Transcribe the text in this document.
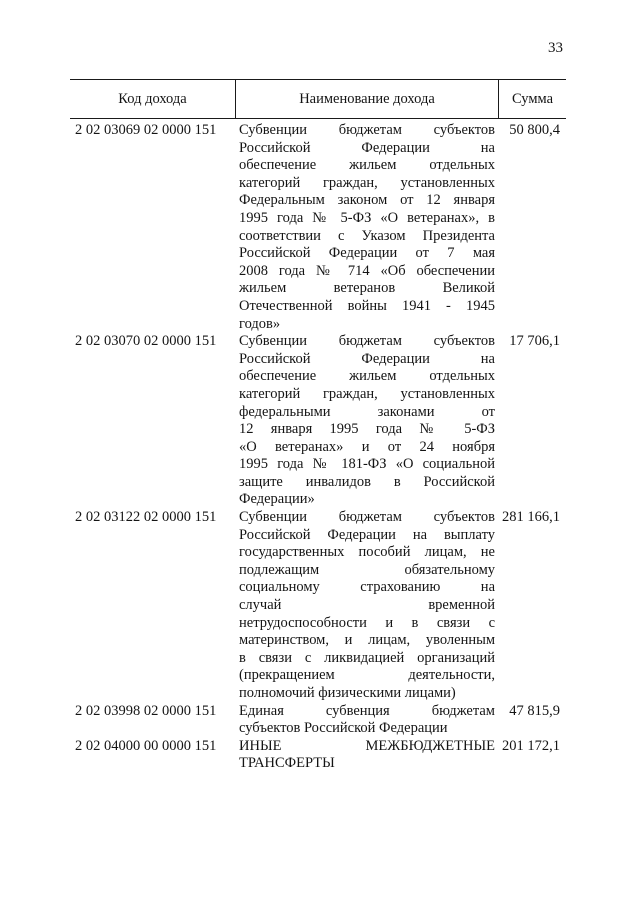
33
Код дохода	Наименование дохода	Сумма
2 02 03069 02 0000 151 Субвенции бюджетам субъектов
Российской Федерации на
обеспечение жильем отдельных
категорий граждан, установленных
Федеральным законом от 12 января
1995 года № 5-ФЗ «О ветеранах», в
соответствии с Указом Президента
Российской Федерации от 7 мая
2008 года № 714 «Об обеспечении
жильем ветеранов Великой
Отечественной войны 1941 - 1945
годов»
50 800,4
2 02 03070 02 0000 151 Субвенции бюджетам субъектов
Российской Федерации на
обеспечение жильем отдельных
категорий граждан, установленных
федеральными законами от
12 января 1995 года № 5-ФЗ
«О ветеранах» и от 24 ноября
1995 года № 181-ФЗ «О социальной
защите инвалидов в Российской
Федерации»
17 706,1
2 02 03122 02 0000 151 Субвенции бюджетам субъектов
Российской Федерации на выплату
государственных пособий лицам, не
подлежащим обязательному
социальному страхованию на
случай временной
нетрудоспособности и в связи с
материнством, и лицам, уволенным
в связи с ликвидацией организаций
(прекращением деятельности,
полномочий физическими лицами)
281 166,1
2 02 03998 02 0000 151 Единая субвенция бюджетам
субъектов Российской Федерации
47 815,9
2 02 04000 00 0000 151 ИНЫЕ МЕЖБЮДЖЕТНЫЕ
ТРАНСФЕРТЫ
201 172,1
